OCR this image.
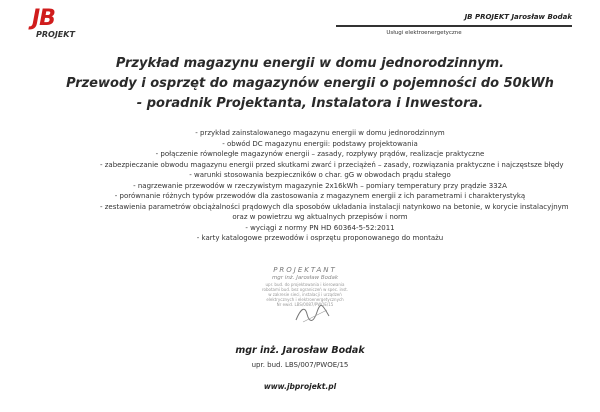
JB
PROJEKT
JB PROJEKT Jarosław Bodak
Usługi elektroenergetyczne
Przykład magazynu energii w domu jednorodzinnym.
Przewody i osprzęt do magazynów energii o pojemności do 50kWh
- poradnik Projektanta, Instalatora i Inwestora.
- przykład zainstalowanego magazynu energii w domu jednorodzinnym
- obwód DC magazynu energii: podstawy projektowania
- połączenie równoległe magazynów energii – zasady, rozpływy prądów, realizacje praktyczne
- zabezpieczanie obwodu magazynu energii przed skutkami zwarć i przeciążeń – zasady, rozwiązania praktyczne i najczęstsze błędy
- warunki stosowania bezpieczników o char. gG w obwodach prądu stałego
- nagrzewanie przewodów w rzeczywistym magazynie 2x16kWh – pomiary temperatury przy prądzie 332A
- porównanie różnych typów przewodów dla zastosowania z magazynem energii z ich parametrami i charakterystyką
- zestawienia parametrów obciążalności prądowych dla sposobów układania instalacji natynkowo na betonie, w korycie instalacyjnym
oraz w powietrzu wg aktualnych przepisów i norm
- wyciągi z normy PN HD 60364-5-52:2011
- karty katalogowe przewodów i osprzętu proponowanego do montażu
PROJEKTANT
mgr inż. Jarosław Bodak
upr. bud. do projektowania i kierowania
robotami bud. bez ograniczeń w spec. inst.
w zakresie sieci, instalacji i urządzeń
elektrycznych i elektroenergetycznych
Nr ewid. LBS/0087/PWOE/15
mgr inż. Jarosław Bodak
upr. bud. LBS/007/PWOE/15
www.jbprojekt.pl
